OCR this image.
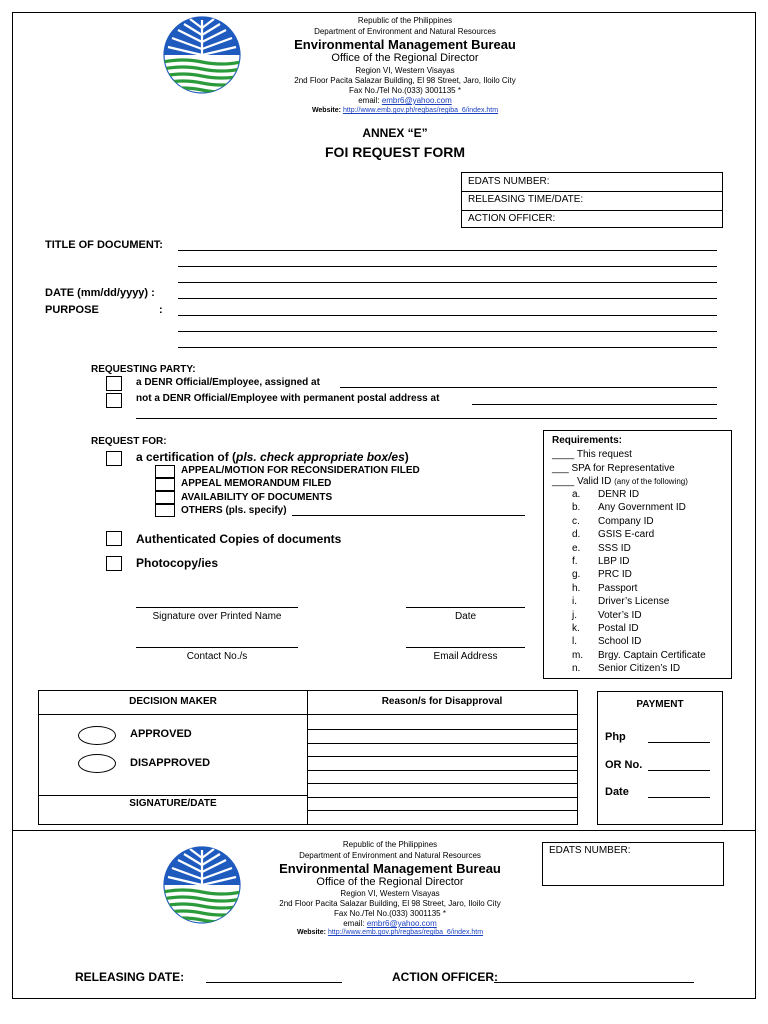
Republic of the Philippines
Department of Environment and Natural Resources
Environmental Management Bureau
Office of the Regional Director
Region VI, Western Visayas
2nd Floor Pacita Salazar Building, El 98 Street, Jaro, Iloilo City
Fax No./Tel No.(033) 3001135 *
email: embr6@yahoo.com
Website: http://www.emb.gov.ph/regbas/regiba_6/index.htm
ANNEX “E”
FOI REQUEST FORM
EDATS NUMBER:
RELEASING TIME/DATE:
ACTION OFFICER:
TITLE OF DOCUMENT:
DATE (mm/dd/yyyy) :
PURPOSE	:
REQUESTING PARTY:
a DENR Official/Employee, assigned at
not a DENR Official/Employee with permanent postal address at
REQUEST FOR:
a certification of (pls. check appropriate box/es)
APPEAL/MOTION FOR RECONSIDERATION FILED
APPEAL MEMORANDUM FILED
AVAILABILITY OF DOCUMENTS
OTHERS (pls. specify)
Authenticated Copies of documents
Photocopy/ies
Signature over Printed Name	Date
Contact No./s	Email Address
Requirements:
____ This request
___ SPA for Representative
____ Valid ID (any of the following)
a. DENR ID
b. Any Government ID
c. Company ID
d. GSIS E-card
e. SSS ID
f. LBP ID
g. PRC ID
h. Passport
i. Driver’s License
j. Voter’s ID
k. Postal ID
l. School ID
m. Brgy. Captain Certificate
n. Senior Citizen’s ID
DECISION MAKER	Reason/s for Disapproval
APPROVED
DISAPPROVED
SIGNATURE/DATE
PAYMENT
Php
OR No.
Date
Republic of the Philippines
Department of Environment and Natural Resources
Environmental Management Bureau
Office of the Regional Director
Region VI, Western Visayas
2nd Floor Pacita Salazar Building, El 98 Street, Jaro, Iloilo City
Fax No./Tel No.(033) 3001135 *
email: embr6@yahoo.com
Website: http://www.emb.gov.ph/regbas/regiba_6/index.htm
EDATS NUMBER:
RELEASING DATE:	ACTION OFFICER:
